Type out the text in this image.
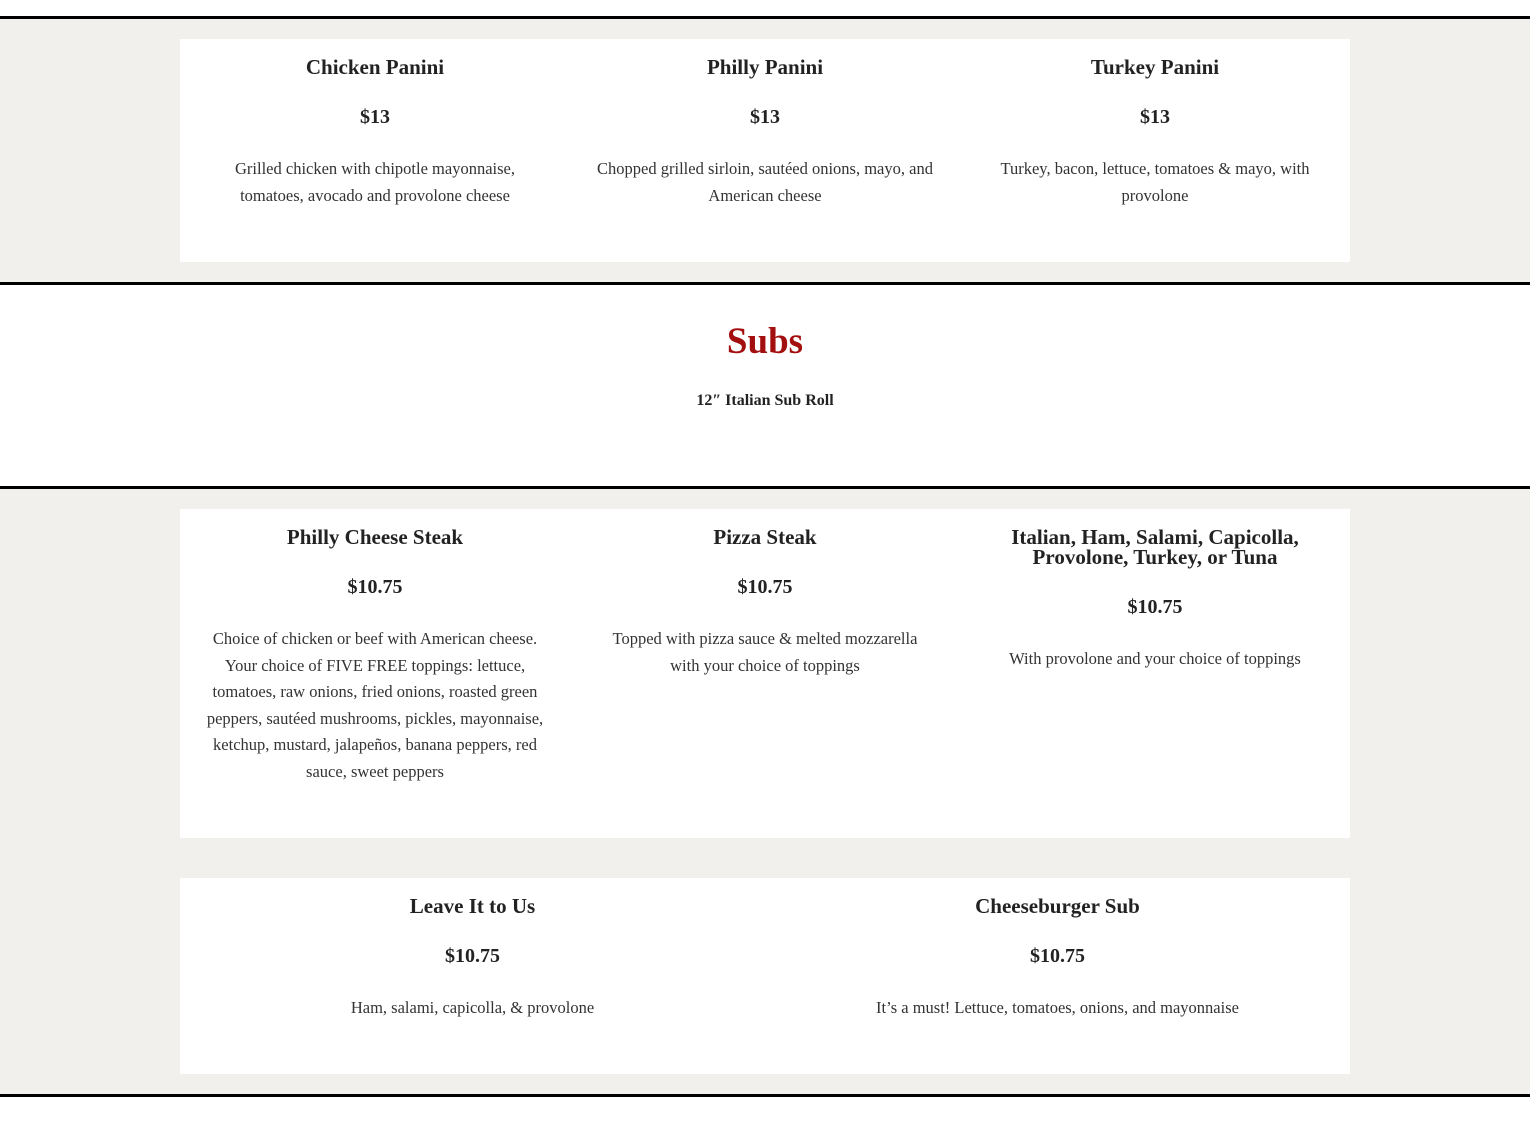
Chicken Panini
$13
Grilled chicken with chipotle mayonnaise, tomatoes, avocado and provolone cheese
Philly Panini
$13
Chopped grilled sirloin, sautéed onions, mayo, and American cheese
Turkey Panini
$13
Turkey, bacon, lettuce, tomatoes & mayo, with provolone
Subs
12″ Italian Sub Roll
Philly Cheese Steak
$10.75
Choice of chicken or beef with American cheese. Your choice of FIVE FREE toppings: lettuce, tomatoes, raw onions, fried onions, roasted green peppers, sautéed mushrooms, pickles, mayonnaise, ketchup, mustard, jalapeños, banana peppers, red sauce, sweet peppers
Pizza Steak
$10.75
Topped with pizza sauce & melted mozzarella with your choice of toppings
Italian, Ham, Salami, Capicolla, Provolone, Turkey, or Tuna
$10.75
With provolone and your choice of toppings
Leave It to Us
$10.75
Ham, salami, capicolla, & provolone
Cheeseburger Sub
$10.75
It’s a must! Lettuce, tomatoes, onions, and mayonnaise
